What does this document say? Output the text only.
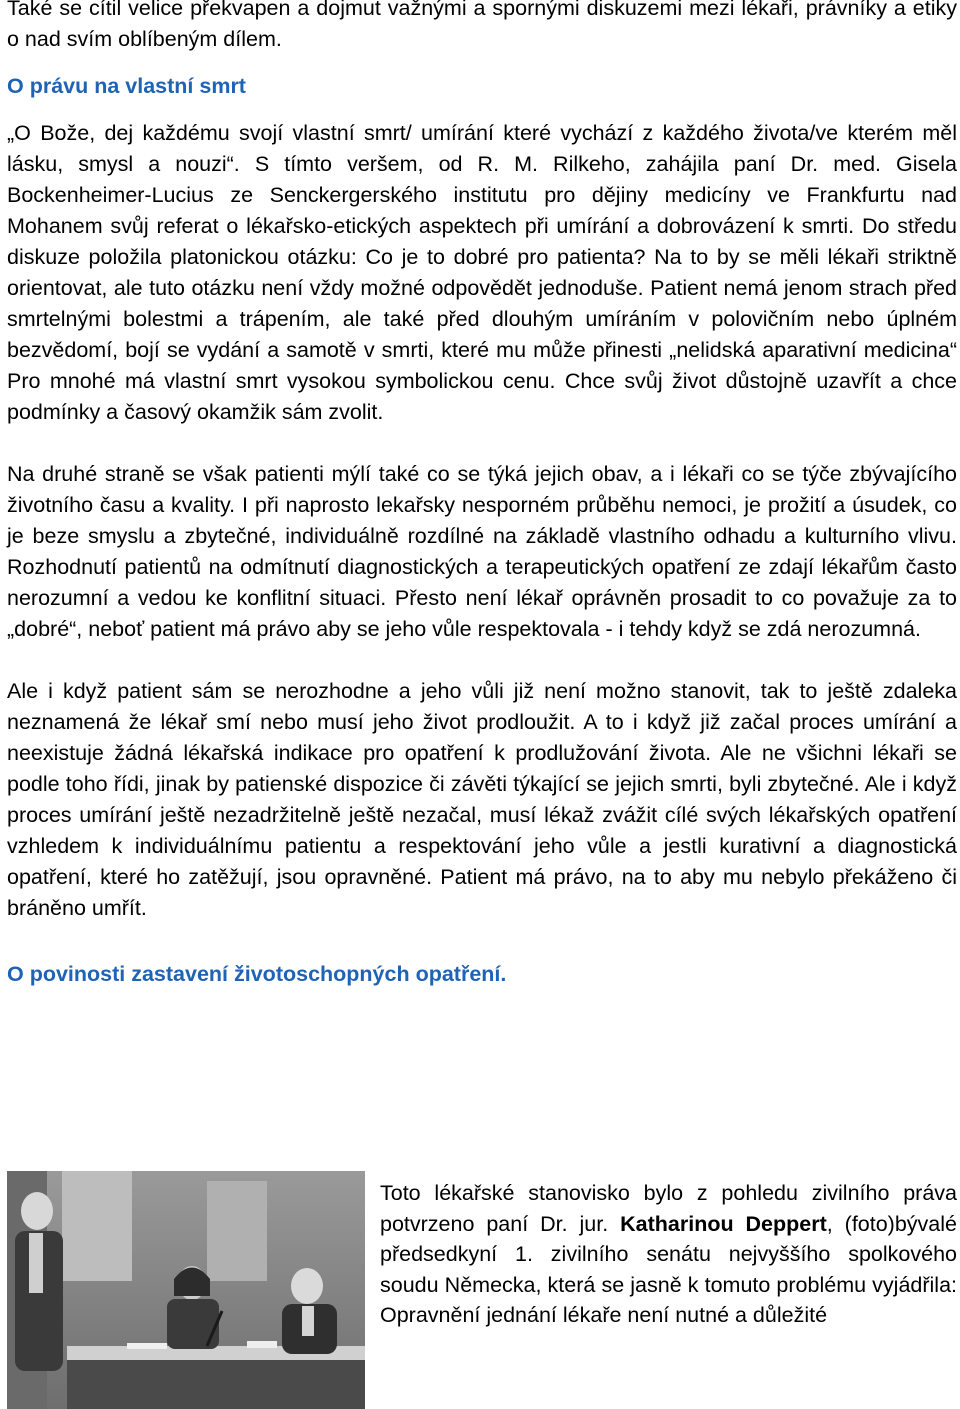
Také se cítil velice překvapen a dojmut važnými a spornými diskuzemi mezi lékaři, právníky a etiky o nad svím oblíbeným dílem.

O právu na vlastní smrt

„O Bože, dej každému svojí vlastní smrt/ umírání které vychází z každého života/ve kterém měl lásku, smysl a nouzi“. S tímto veršem, od R. M. Rilkeho, zahájila paní Dr. med. Gisela Bockenheimer-Lucius ze Senckergerského institutu pro dějiny medicíny ve Frankfurtu nad Mohanem svůj referat o lékařsko-etických aspektech při umírání a dobrovázení k smrti. Do středu diskuze položila platonickou otázku: Co je to dobré pro patienta? Na to by se měli lékaři striktně orientovat, ale tuto otázku není vždy možné odpovědět jednoduše. Patient nemá jenom strach před smrtelnými bolestmi a trápením, ale také před dlouhým umíráním v polovičním nebo úplném bezvědomí, bojí se vydání a samotě v smrti, které mu může přinesti „nelidská aparativní medicina“ Pro mnohé má vlastní smrt vysokou symbolickou cenu. Chce svůj život důstojně uzavřít a chce podmínky a časový okamžik sám zvolit.

Na druhé straně se však patienti mýlí také co se týká jejich obav, a i lékaři co se týče zbývajícího životního času a kvality. I při naprosto lekařsky nesporném průběhu nemoci, je prožití a úsudek, co je beze smyslu a zbytečné, individuálně rozdílné na základě vlastního odhadu a kulturního vlivu. Rozhodnutí patientů na odmítnutí diagnostických a terapeutických opatření ze zdají lékařům často nerozumní a vedou ke konflitní situaci. Přesto není lékař oprávněn prosadit to co považuje za to „dobré“, neboť patient má právo aby se jeho vůle respektovala - i tehdy když se zdá nerozumná.

Ale i když patient sám se nerozhodne a jeho vůli již není možno stanovit, tak to ještě zdaleka neznamená že lékař smí nebo musí jeho život prodloužit. A to i když již začal proces umírání a neexistuje žádná lékařská indikace pro opatření k prodlužování života. Ale ne všichni lékaři se podle toho řídi, jinak by patienské dispozice či závěti týkající se jejich smrti, byli zbytečné. Ale i když proces umírání ještě nezadržitelně ještě nezačal, musí lékaž zvážit cílé svých lékařských opatření vzhledem k individuálnímu patientu a respektování jeho vůle a jestli kurativní a diagnostická opatření, které ho zatěžují, jsou opravněné. Patient má právo, na to aby mu nebylo překáženo či bráněno umřít.

O povinosti zastavení životoschopných opatření.
Toto lékařské stanovisko bylo z pohledu zivilního práva potvrzeno paní Dr. jur. Katharinou Deppert, (foto)bývalé předsedkyní 1. zivilního senátu nejvyššího spolkového soudu Německa, která se jasně k tomuto problému vyjádřila: Opravnění jednání lékaře není nutné a důležité
